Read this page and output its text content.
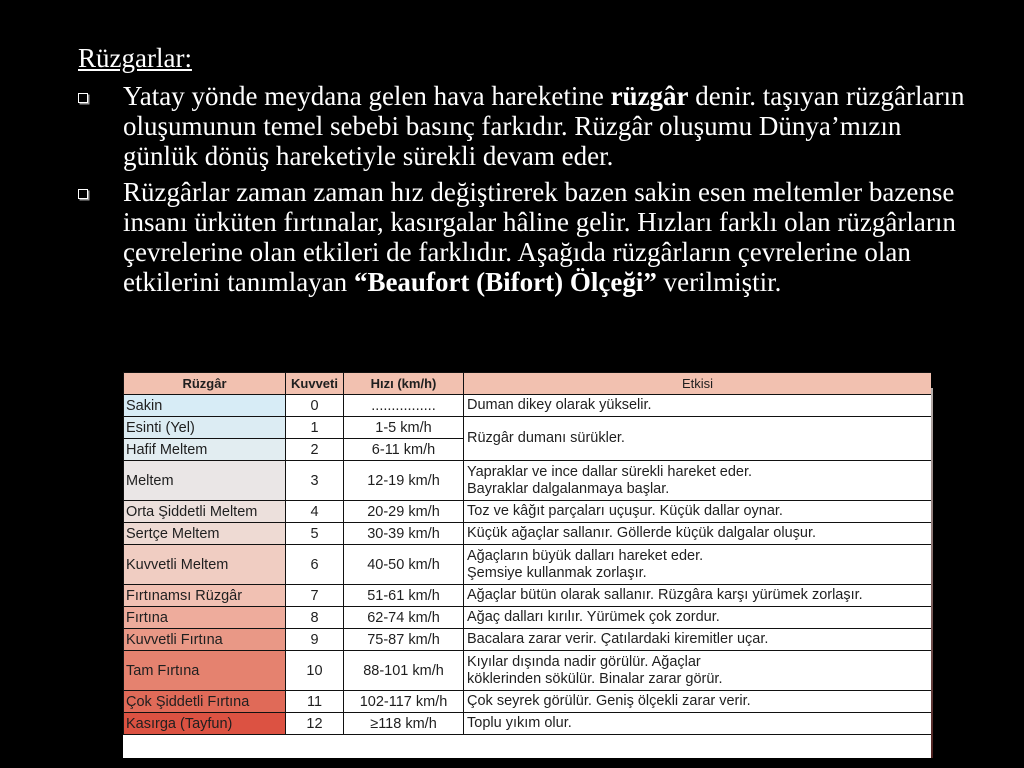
Rüzgarlar:
Yatay yönde meydana gelen hava hareketine rüzgâr denir. taşıyan rüzgârların oluşumunun temel sebebi basınç farkıdır. Rüzgâr oluşumu Dünya’mızın günlük dönüş hareketiyle sürekli devam eder.
Rüzgârlar zaman zaman hız değiştirerek bazen sakin esen meltemler bazense insanı ürküten fırtınalar, kasırgalar hâline gelir. Hızları farklı olan rüzgârların çevrelerine olan etkileri de farklıdır. Aşağıda rüzgârların çevrelerine olan etkilerini tanımlayan “Beaufort (Bifort) Ölçeği” verilmiştir.
Rüzgâr	Kuvveti	Hızı (km/h)	Etkisi
Sakin	0	................	Duman dikey olarak yükselir.

Esinti (Yel)	1	1-5 km/h	Rüzgâr dumanı sürükler.
Hafif Meltem	2	6-11 km/h	
Meltem	3	12-19 km/h	Yapraklar ve ince dallar sürekli hareket eder.
Bayraklar dalgalanmaya başlar.

Orta Şiddetli Meltem	4	20-29 km/h	Toz ve kâğıt parçaları uçuşur. Küçük dallar oynar.

Sertçe Meltem	5	30-39 km/h	Küçük ağaçlar sallanır. Göllerde küçük dalgalar oluşur.

Kuvvetli Meltem	6	40-50 km/h	Ağaçların büyük dalları hareket eder.
Şemsiye kullanmak zorlaşır.

Fırtınamsı Rüzgâr	7	51-61 km/h	Ağaçlar bütün olarak sallanır. Rüzgâra karşı yürümek zorlaşır.

Fırtına	8	62-74 km/h	Ağaç dalları kırılır. Yürümek çok zordur.

Kuvvetli Fırtına	9	75-87 km/h	Bacalara zarar verir. Çatılardaki kiremitler uçar.

Tam Fırtına	10	88-101 km/h	Kıyılar dışında nadir görülür. Ağaçlar
köklerinden sökülür. Binalar zarar görür.

Çok Şiddetli Fırtına	11	102-117 km/h	Çok seyrek görülür. Geniş ölçekli zarar verir.

Kasırga (Tayfun)	12	≥118 km/h	Toplu yıkım olur.
